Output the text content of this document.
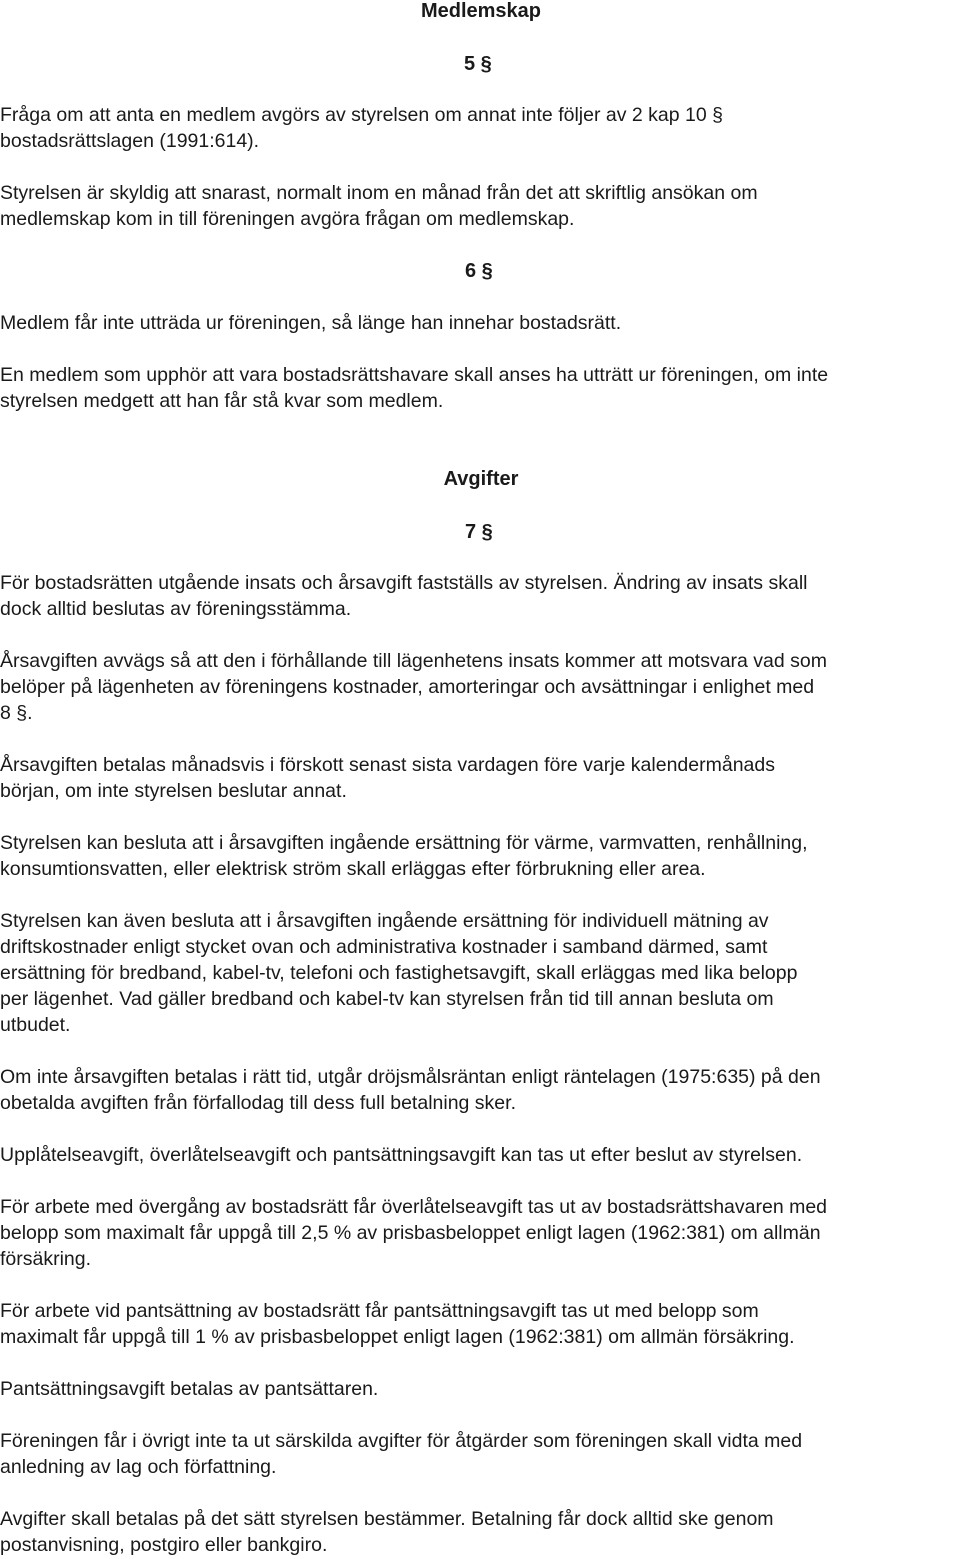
Medlemskap
5 §

Fråga om att anta en medlem avgörs av styrelsen om annat inte följer av 2 kap 10 §

bostadsrättslagen (1991:614).

Styrelsen är skyldig att snarast, normalt inom en månad från det att skriftlig ansökan om

medlemskap kom in till föreningen avgöra frågan om medlemskap.

6 §

Medlem får inte utträda ur föreningen, så länge han innehar bostadsrätt.

En medlem som upphör att vara bostadsrättshavare skall anses ha utträtt ur föreningen, om inte

styrelsen medgett att han får stå kvar som medlem.

Avgifter
7 §

För bostadsrätten utgående insats och årsavgift fastställs av styrelsen. Ändring av insats skall

dock alltid beslutas av föreningsstämma.

Årsavgiften avvägs så att den i förhållande till lägenhetens insats kommer att motsvara vad som

belöper på lägenheten av föreningens kostnader, amorteringar och avsättningar i enlighet med

8 §.

Årsavgiften betalas månadsvis i förskott senast sista vardagen före varje kalendermånads

början, om inte styrelsen beslutar annat.

Styrelsen kan besluta att i årsavgiften ingående ersättning för värme, varmvatten, renhållning,

konsumtionsvatten, eller elektrisk ström skall erläggas efter förbrukning eller area.

Styrelsen kan även besluta att i årsavgiften ingående ersättning för individuell mätning av

driftskostnader enligt stycket ovan och administrativa kostnader i samband därmed, samt

ersättning för bredband, kabel-tv, telefoni och fastighetsavgift, skall erläggas med lika belopp

per lägenhet. Vad gäller bredband och kabel-tv kan styrelsen från tid till annan besluta om

utbudet.

Om inte årsavgiften betalas i rätt tid, utgår dröjsmålsräntan enligt räntelagen (1975:635) på den

obetalda avgiften från förfallodag till dess full betalning sker.

Upplåtelseavgift, överlåtelseavgift och pantsättningsavgift kan tas ut efter beslut av styrelsen.

För arbete med övergång av bostadsrätt får överlåtelseavgift tas ut av bostadsrättshavaren med

belopp som maximalt får uppgå till 2,5 % av prisbasbeloppet enligt lagen (1962:381) om allmän

försäkring.

För arbete vid pantsättning av bostadsrätt får pantsättningsavgift tas ut med belopp som

maximalt får uppgå till 1 % av prisbasbeloppet enligt lagen (1962:381) om allmän försäkring.

Pantsättningsavgift betalas av pantsättaren.

Föreningen får i övrigt inte ta ut särskilda avgifter för åtgärder som föreningen skall vidta med

anledning av lag och författning.

Avgifter skall betalas på det sätt styrelsen bestämmer. Betalning får dock alltid ske genom

postanvisning, postgiro eller bankgiro.
